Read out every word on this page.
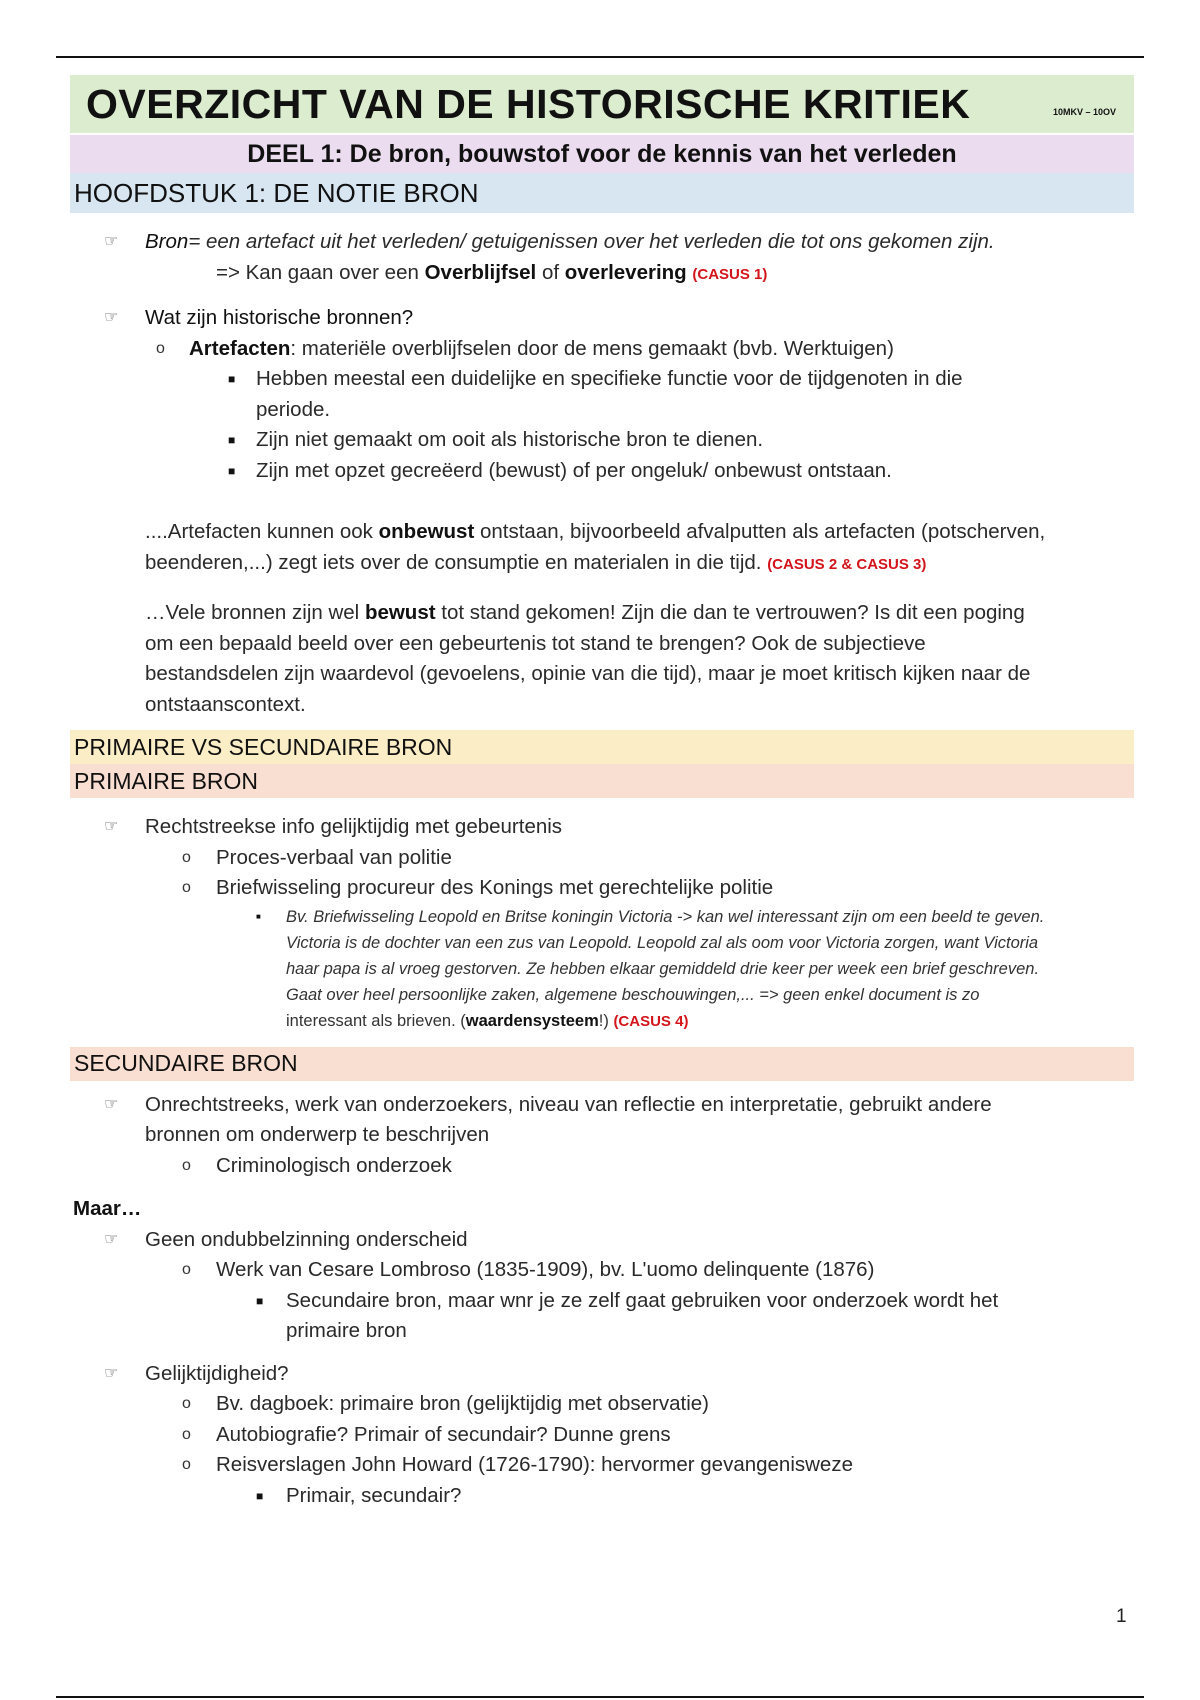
OVERZICHT VAN DE HISTORISCHE KRITIEK	10MKV – 10OV
DEEL 1: De bron, bouwstof voor de kennis van het verleden
HOOFDSTUK 1: DE NOTIE BRON
☞ Bron= een artefact uit het verleden/ getuigenissen over het verleden die tot ons gekomen zijn.
=> Kan gaan over een Overblijfsel of overlevering (CASUS 1)
☞ Wat zijn historische bronnen?
o Artefacten: materiële overblijfselen door de mens gemaakt (bvb. Werktuigen)
■ Hebben meestal een duidelijke en specifieke functie voor de tijdgenoten in die
periode.
■ Zijn niet gemaakt om ooit als historische bron te dienen.
■ Zijn met opzet gecreëerd (bewust) of per ongeluk/ onbewust ontstaan.
....Artefacten kunnen ook onbewust ontstaan, bijvoorbeeld afvalputten als artefacten (potscherven,
beenderen,...) zegt iets over de consumptie en materialen in die tijd. (CASUS 2 & CASUS 3)
…Vele bronnen zijn wel bewust tot stand gekomen! Zijn die dan te vertrouwen? Is dit een poging
om een bepaald beeld over een gebeurtenis tot stand te brengen? Ook de subjectieve
bestandsdelen zijn waardevol (gevoelens, opinie van die tijd), maar je moet kritisch kijken naar de
ontstaanscontext.
PRIMAIRE VS SECUNDAIRE BRON
PRIMAIRE BRON
☞ Rechtstreekse info gelijktijdig met gebeurtenis
o Proces-verbaal van politie
o Briefwisseling procureur des Konings met gerechtelijke politie
■ Bv. Briefwisseling Leopold en Britse koningin Victoria -> kan wel interessant zijn om een beeld te geven.
Victoria is de dochter van een zus van Leopold. Leopold zal als oom voor Victoria zorgen, want Victoria
haar papa is al vroeg gestorven. Ze hebben elkaar gemiddeld drie keer per week een brief geschreven.
Gaat over heel persoonlijke zaken, algemene beschouwingen,... => geen enkel document is zo
interessant als brieven. (waardensysteem!) (CASUS 4)
SECUNDAIRE BRON
☞ Onrechtstreeks, werk van onderzoekers, niveau van reflectie en interpretatie, gebruikt andere
bronnen om onderwerp te beschrijven
o Criminologisch onderzoek
Maar…
☞ Geen ondubbelzinning onderscheid
o Werk van Cesare Lombroso (1835-1909), bv. L'uomo delinquente (1876)
■ Secundaire bron, maar wnr je ze zelf gaat gebruiken voor onderzoek wordt het
primaire bron
☞ Gelijktijdigheid?
o Bv. dagboek: primaire bron (gelijktijdig met observatie)
o Autobiografie? Primair of secundair? Dunne grens
o Reisverslagen John Howard (1726-1790): hervormer gevangenisweze
■ Primair, secundair?
1
